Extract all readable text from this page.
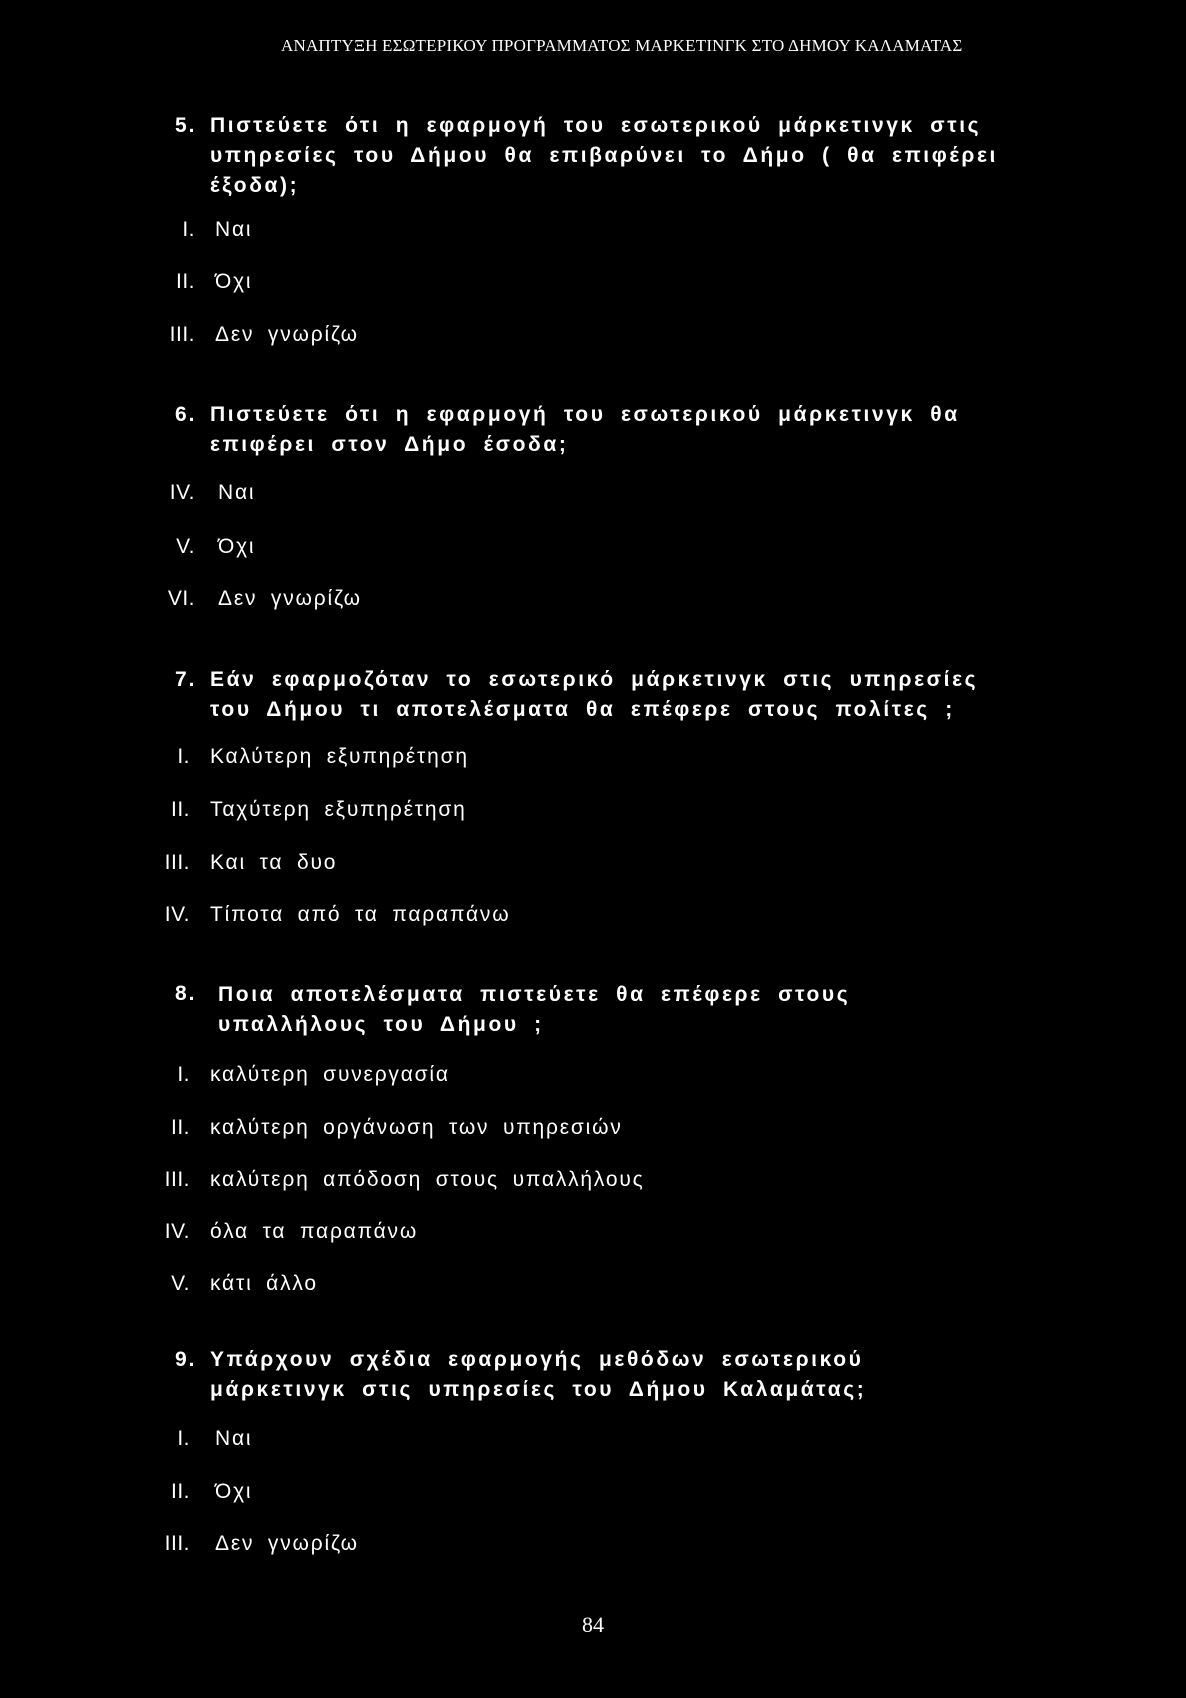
ΑΝΑΠΤΥΞΗ ΕΣΩΤΕΡΙΚΟΥ ΠΡΟΓΡΑΜΜΑΤΟΣ ΜΑΡΚΕΤΙΝΓΚ ΣΤΟ ΔΗΜΟΥ ΚΑΛΑΜΑΤΑΣ
5. Πιστεύετε ότι η εφαρμογή του εσωτερικού μάρκετινγκ στις
υπηρεσίες του Δήμου θα επιβαρύνει το Δήμο ( θα επιφέρει
έξοδα);
I. Ναι
II. Όχι
III. Δεν γνωρίζω
6. Πιστεύετε ότι η εφαρμογή του εσωτερικού μάρκετινγκ θα
επιφέρει στον Δήμο έσοδα;
IV. Ναι
V. Όχι
VI. Δεν γνωρίζω
7. Εάν εφαρμοζόταν το εσωτερικό μάρκετινγκ στις υπηρεσίες
του Δήμου τι αποτελέσματα θα επέφερε στους πολίτες ;
I. Καλύτερη εξυπηρέτηση
II. Ταχύτερη εξυπηρέτηση
III. Και τα δυο
IV. Τίποτα από τα παραπάνω
8. Ποια αποτελέσματα πιστεύετε θα επέφερε στους
υπαλλήλους του Δήμου ;
I. καλύτερη συνεργασία
II. καλύτερη οργάνωση των υπηρεσιών
III. καλύτερη απόδοση στους υπαλλήλους
IV. όλα τα παραπάνω
V. κάτι άλλο
9. Υπάρχουν σχέδια εφαρμογής μεθόδων εσωτερικού
μάρκετινγκ στις υπηρεσίες του Δήμου Καλαμάτας;
I. Ναι
II. Όχι
III. Δεν γνωρίζω
84
